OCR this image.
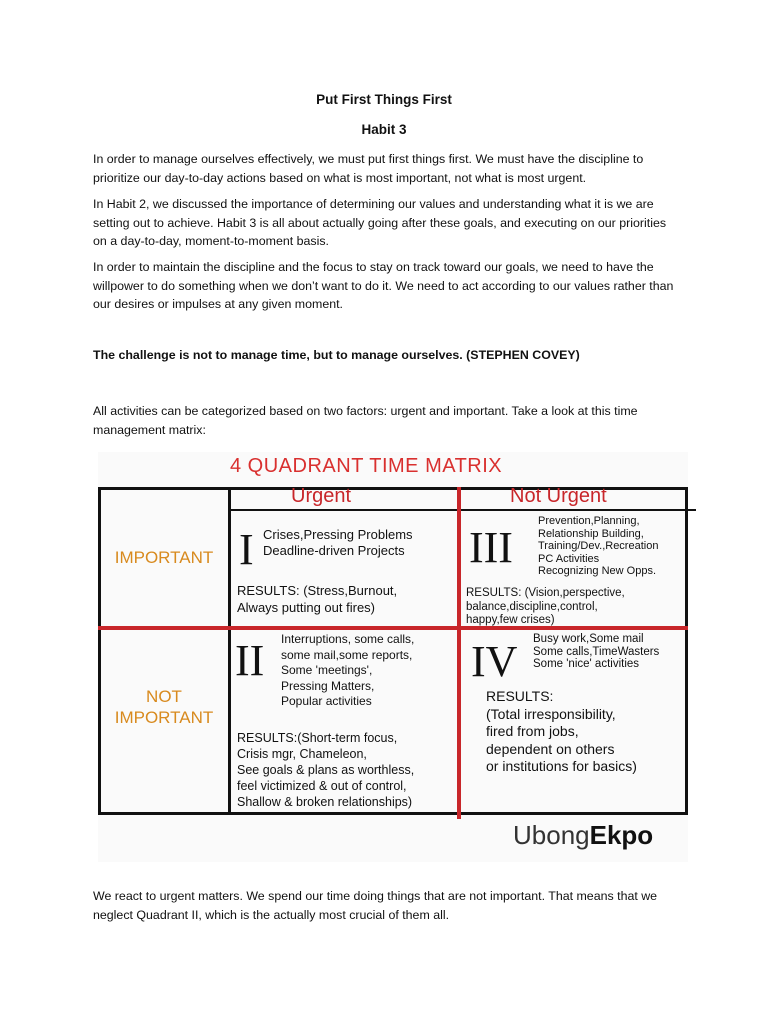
Put First Things First
Habit 3
In order to manage ourselves effectively, we must put first things first. We must have the discipline to prioritize our day-to-day actions based on what is most important, not what is most urgent.
In Habit 2, we discussed the importance of determining our values and understanding what it is we are setting out to achieve. Habit 3 is all about actually going after these goals, and executing on our priorities on a day-to-day, moment-to-moment basis.
In order to maintain the discipline and the focus to stay on track toward our goals, we need to have the willpower to do something when we don’t want to do it. We need to act according to our values rather than our desires or impulses at any given moment.
The challenge is not to manage time, but to manage ourselves. (STEPHEN COVEY)
All activities can be categorized based on two factors: urgent and important. Take a look at this time management matrix:
4 QUADRANT TIME MATRIX
Urgent	Not Urgent
IMPORTANT
NOT
IMPORTANT
I Crises,Pressing Problems
Deadline-driven Projects
RESULTS: (Stress,Burnout,
Always putting out fires)
III
Prevention,Planning,
Relationship Building,
Training/Dev.,Recreation
PC Activities
Recognizing New Opps.
RESULTS: (Vision,perspective,
balance,discipline,control,
happy,few crises)
II Interruptions, some calls,
some mail,some reports,
Some 'meetings',
Pressing Matters,
Popular activities
RESULTS:(Short-term focus,
Crisis mgr, Chameleon,
See goals & plans as worthless,
feel victimized & out of control,
Shallow & broken relationships)
IV Busy work,Some mail
Some calls,TimeWasters
Some 'nice' activities
RESULTS:
(Total irresponsibility,
fired from jobs,
dependent on others
or institutions for basics)
UbongEkpo
We react to urgent matters. We spend our time doing things that are not important. That means that we neglect Quadrant II, which is the actually most crucial of them all.
